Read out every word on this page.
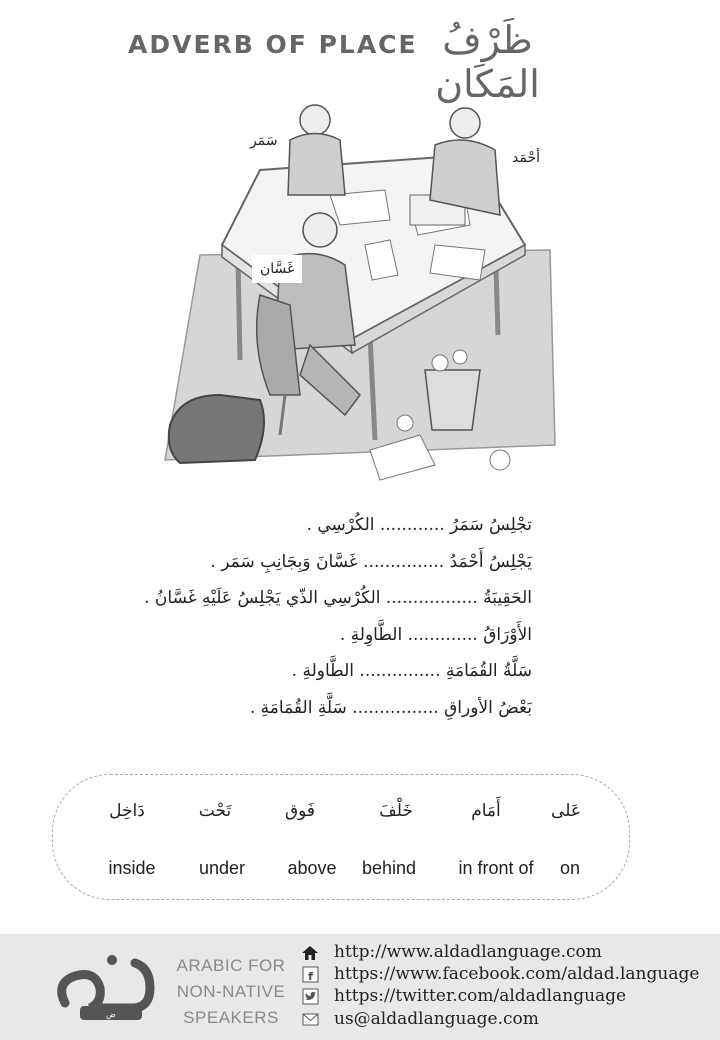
ADVERB OF PLACE ظَرْفُ المَكَان
سَمَر
أحْمَد
غَسَّان
تجْلِسُ سَمَرُ ............ الكُرْسِي .
يَجْلِسُ أَحْمَدُ ............... غَسَّانَ وَبِجَانِبِ سَمَر .
الحَقِيبَةُ ................. الكُرْسِي الذّي يَجْلِسُ عَلَيْهِ غَسَّانُ .
الأَوْرَاقُ ............. الطَّاوِلةِ .
سَلَّةُ القُمَامَةِ ............... الطَّاولةِ .
بَعْضُ الأوراقِ ................ سَلَّةِ القُمَامَةِ .
عَلى
أَمَام
خَلْفَ
فَوق
تَحْت
دَاخِل
on
in front of
behind
above
under
inside
ض
ARABIC FOR
NON-NATIVE
SPEAKERS
http://www.aldadlanguage.com
f https://www.facebook.com/aldad.language
https://twitter.com/aldadlanguage
us@aldadlanguage.com
